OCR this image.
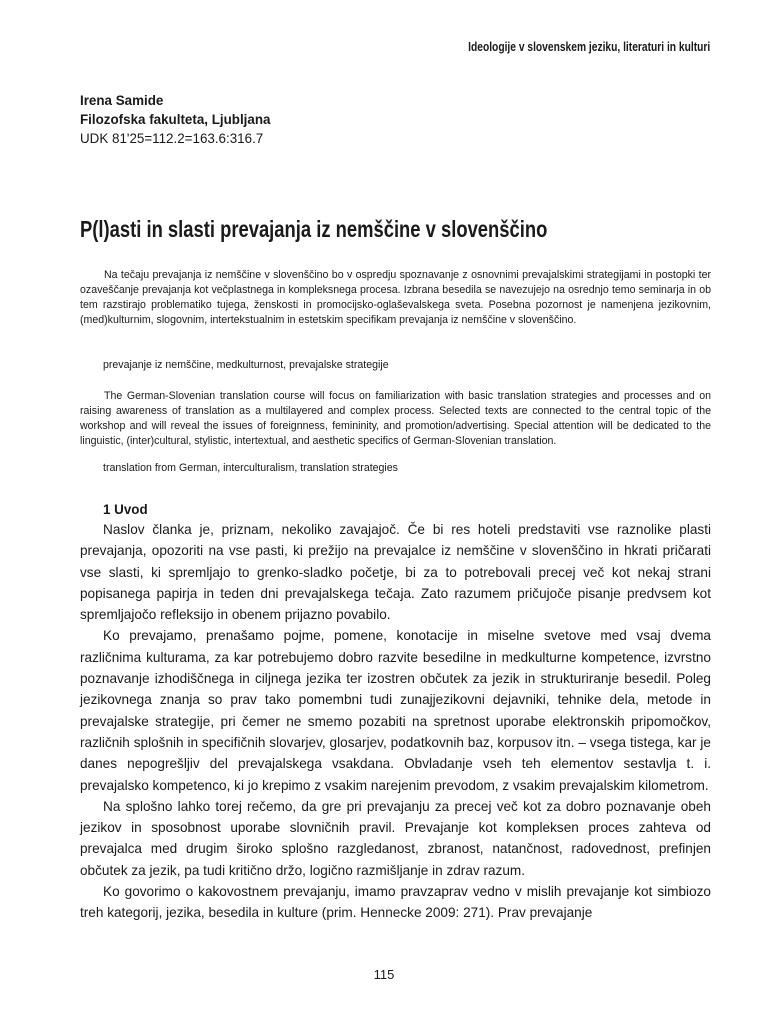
Ideologije v slovenskem jeziku, literaturi in kulturi
Irena Samide
Filozofska fakulteta, Ljubljana
UDK 81'25=112.2=163.6:316.7
P(l)asti in slasti prevajanja iz nemščine v slovenščino

Na tečaju prevajanja iz nemščine v slovenščino bo v ospredju spoznavanje z osnovnimi prevajalskimi strategijami in postopki ter ozaveščanje prevajanja kot večplastnega in kompleksnega procesa. Izbrana besedila se navezujejo na osrednjo temo seminarja in ob tem razstirajo problematiko tujega, ženskosti in promocijsko-oglaševalskega sveta. Posebna pozornost je namenjena jezikovnim, (med)kulturnim, slogovnim, intertekstualnim in estetskim specifikam prevajanja iz nemščine v slovenščino.

prevajanje iz nemščine, medkulturnost, prevajalske strategije

The German-Slovenian translation course will focus on familiarization with basic translation strategies and processes and on raising awareness of translation as a multilayered and complex process. Selected texts are connected to the central topic of the workshop and will reveal the issues of foreignness, femininity, and promotion/advertising. Special attention will be dedicated to the linguistic, (inter)cultural, stylistic, intertextual, and aesthetic specifics of German-Slovenian translation.

translation from German, interculturalism, translation strategies

1 Uvod

Naslov članka je, priznam, nekoliko zavajajoč. Če bi res hoteli predstaviti vse raznolike plasti prevajanja, opozoriti na vse pasti, ki prežijo na prevajalce iz nemščine v slovenščino in hkrati pričarati vse slasti, ki spremljajo to grenko-sladko početje, bi za to potrebovali precej več kot nekaj strani popisanega papirja in teden dni prevajalskega tečaja. Zato razumem pričujoče pisanje predvsem kot spremljajočo refleksijo in obenem prijazno povabilo.

Ko prevajamo, prenašamo pojme, pomene, konotacije in miselne svetove med vsaj dvema različnima kulturama, za kar potrebujemo dobro razvite besedilne in medkulturne kompetence, izvrstno poznavanje izhodiščnega in ciljnega jezika ter izostren občutek za jezik in strukturiranje besedil. Poleg jezikovnega znanja so prav tako pomembni tudi zunajjezikovni dejavniki, tehnike dela, metode in prevajalske strategije, pri čemer ne smemo pozabiti na spretnost uporabe elektronskih pripomočkov, različnih splošnih in specifičnih slovarjev, glosarjev, podatkovnih baz, korpusov itn. – vsega tistega, kar je danes nepogrešljiv del prevajalskega vsakdana. Obvladanje vseh teh elementov sestavlja t. i. prevajalsko kompetenco, ki jo krepimo z vsakim narejenim prevodom, z vsakim prevajalskim kilometrom.

Na splošno lahko torej rečemo, da gre pri prevajanju za precej več kot za dobro poznavanje obeh jezikov in sposobnost uporabe slovničnih pravil. Prevajanje kot kompleksen proces zahteva od prevajalca med drugim široko splošno razgledanost, zbranost, natančnost, radovednost, prefinjen občutek za jezik, pa tudi kritično držo, logično razmišljanje in zdrav razum.

Ko govorimo o kakovostnem prevajanju, imamo pravzaprav vedno v mislih prevajanje kot simbiozo treh kategorij, jezika, besedila in kulture (prim. Hennecke 2009: 271). Prav prevajanje

115
